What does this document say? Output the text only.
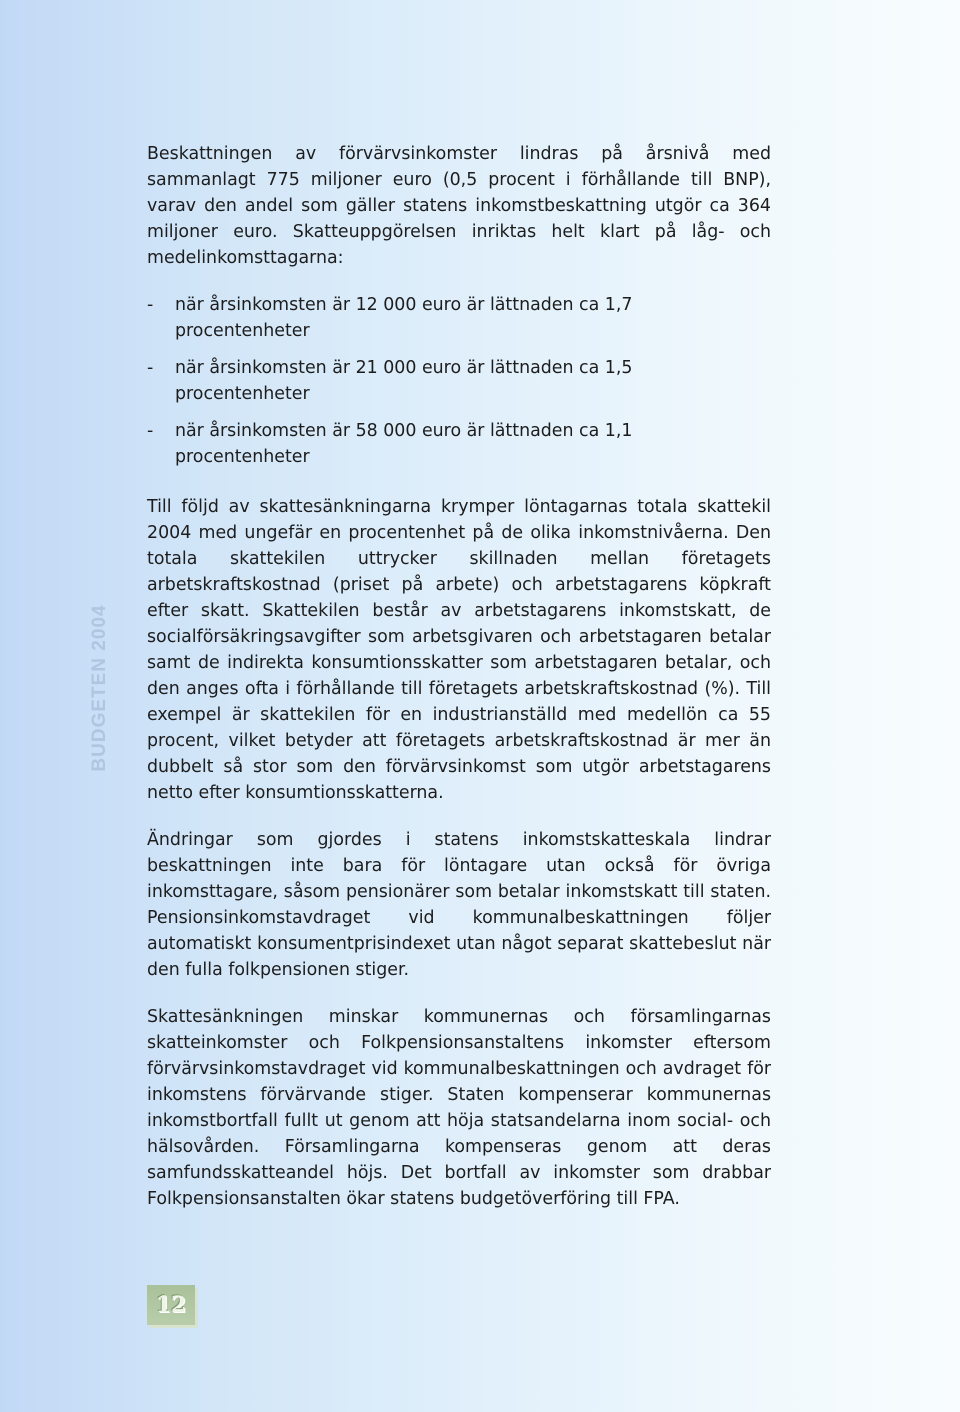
Beskattningen av förvärvsinkomster lindras på årsnivå med sammanlagt 775 miljoner euro (0,5 procent i förhållande till BNP), varav den andel som gäller statens inkomstbeskattning utgör ca 364 miljoner euro. Skatteuppgörelsen inriktas helt klart på låg- och medelinkomsttagarna:

- när årsinkomsten är 12 000 euro är lättnaden ca 1,7 procentenheter
- när årsinkomsten är 21 000 euro är lättnaden ca 1,5 procentenheter
- när årsinkomsten är 58 000 euro är lättnaden ca 1,1 procentenheter

Till följd av skattesänkningarna krymper löntagarnas totala skattekil 2004 med ungefär en procentenhet på de olika inkomstnivåerna. Den totala skattekilen uttrycker skillnaden mellan företagets arbetskraftskostnad (priset på arbete) och arbetstagarens köpkraft efter skatt. Skattekilen består av arbetstagarens inkomstskatt, de socialförsäkringsavgifter som arbetsgivaren och arbetstagaren betalar samt de indirekta konsumtionsskatter som arbetstagaren betalar, och den anges ofta i förhållande till företagets arbetskraftskostnad (%). Till exempel är skattekilen för en industrianställd med medellön ca 55 procent, vilket betyder att företagets arbetskraftskostnad är mer än dubbelt så stor som den förvärvsinkomst som utgör arbetstagarens netto efter konsumtionsskatterna.

Ändringar som gjordes i statens inkomstskatteskala lindrar beskattningen inte bara för löntagare utan också för övriga inkomsttagare, såsom pensionärer som betalar inkomstskatt till staten. Pensionsinkomstavdraget vid kommunalbeskattningen följer automatiskt konsumentprisindexet utan något separat skattebeslut när den fulla folkpensionen stiger.

Skattesänkningen minskar kommunernas och församlingarnas skatteinkomster och Folkpensionsanstaltens inkomster eftersom förvärvsinkomstavdraget vid kommunalbeskattningen och avdraget för inkomstens förvärvande stiger. Staten kompenserar kommunernas inkomstbortfall fullt ut genom att höja statsandelarna inom social- och hälsovården. Församlingarna kompenseras genom att deras samfundsskatteandel höjs. Det bortfall av inkomster som drabbar Folkpensionsanstalten ökar statens budgetöverföring till FPA.

BUDGETEN 2004
12
